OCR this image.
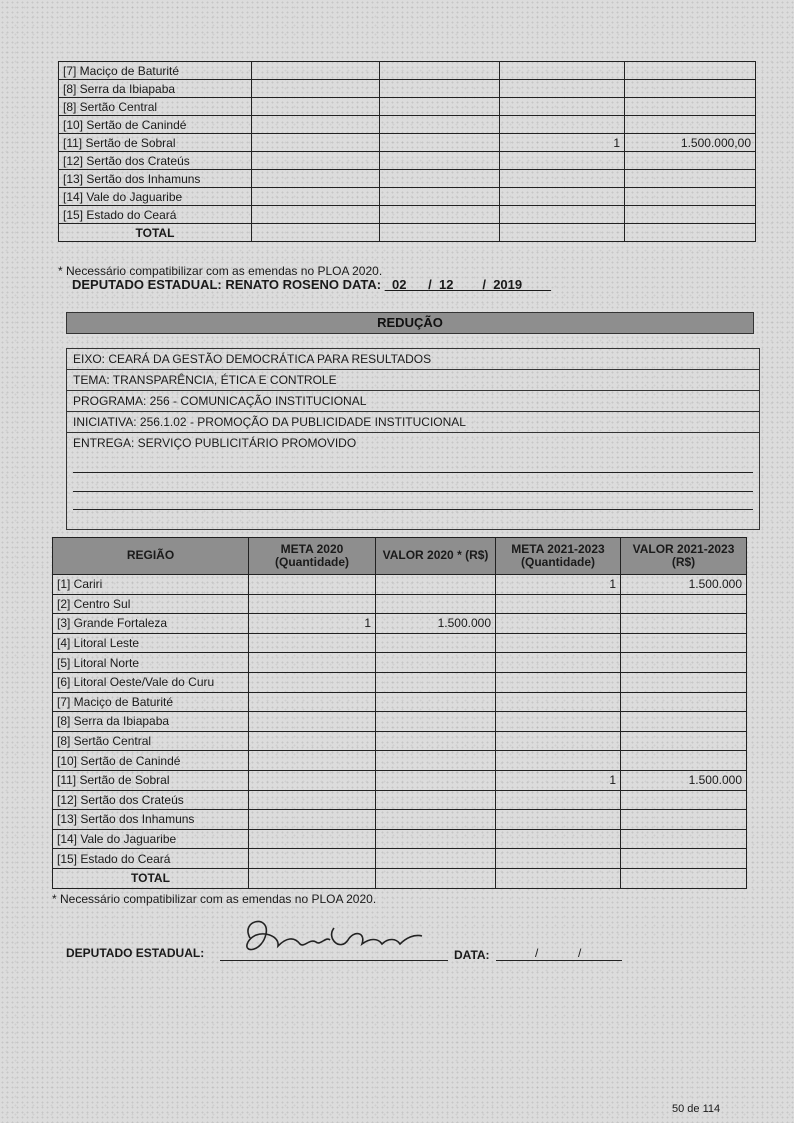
[7] Maciço de Baturité				
[8] Serra da Ibiapaba				
[8] Sertão Central				
[10] Sertão de Canindé				
[11] Sertão de Sobral			1	1.500.000,00
[12] Sertão dos Crateús				
[13] Sertão dos Inhamuns				
[14] Vale do Jaguaribe				
[15] Estado do Ceará				
TOTAL				
* Necessário compatibilizar com as emendas no PLOA 2020.
DEPUTADO ESTADUAL: RENATO ROSENO DATA: _02___/_12____/_2019____
REDUÇÃO
EIXO: CEARÁ DA GESTÃO DEMOCRÁTICA PARA RESULTADOS
TEMA: TRANSPARÊNCIA, ÉTICA E CONTROLE
PROGRAMA: 256 - COMUNICAÇÃO INSTITUCIONAL
INICIATIVA: 256.1.02 - PROMOÇÃO DA PUBLICIDADE INSTITUCIONAL
ENTREGA: SERVIÇO PUBLICITÁRIO PROMOVIDO
REGIÃO	META 2020 (Quantidade)	VALOR 2020 * (R$)	META 2021-2023 (Quantidade)	VALOR 2021-2023 (R$)
[1] Cariri			1	1.500.000
[2] Centro Sul				
[3] Grande Fortaleza	1	1.500.000		
[4] Litoral Leste				
[5] Litoral Norte				
[6] Litoral Oeste/Vale do Curu				
[7] Maciço de Baturité				
[8] Serra da Ibiapaba				
[8] Sertão Central				
[10] Sertão de Canindé				
[11] Sertão de Sobral			1	1.500.000
[12] Sertão dos Crateús				
[13] Sertão dos Inhamuns				
[14] Vale do Jaguaribe				
[15] Estado do Ceará				
TOTAL				
* Necessário compatibilizar com as emendas no PLOA 2020.
DEPUTADO ESTADUAL:	DATA:	/	/
50 de 114
